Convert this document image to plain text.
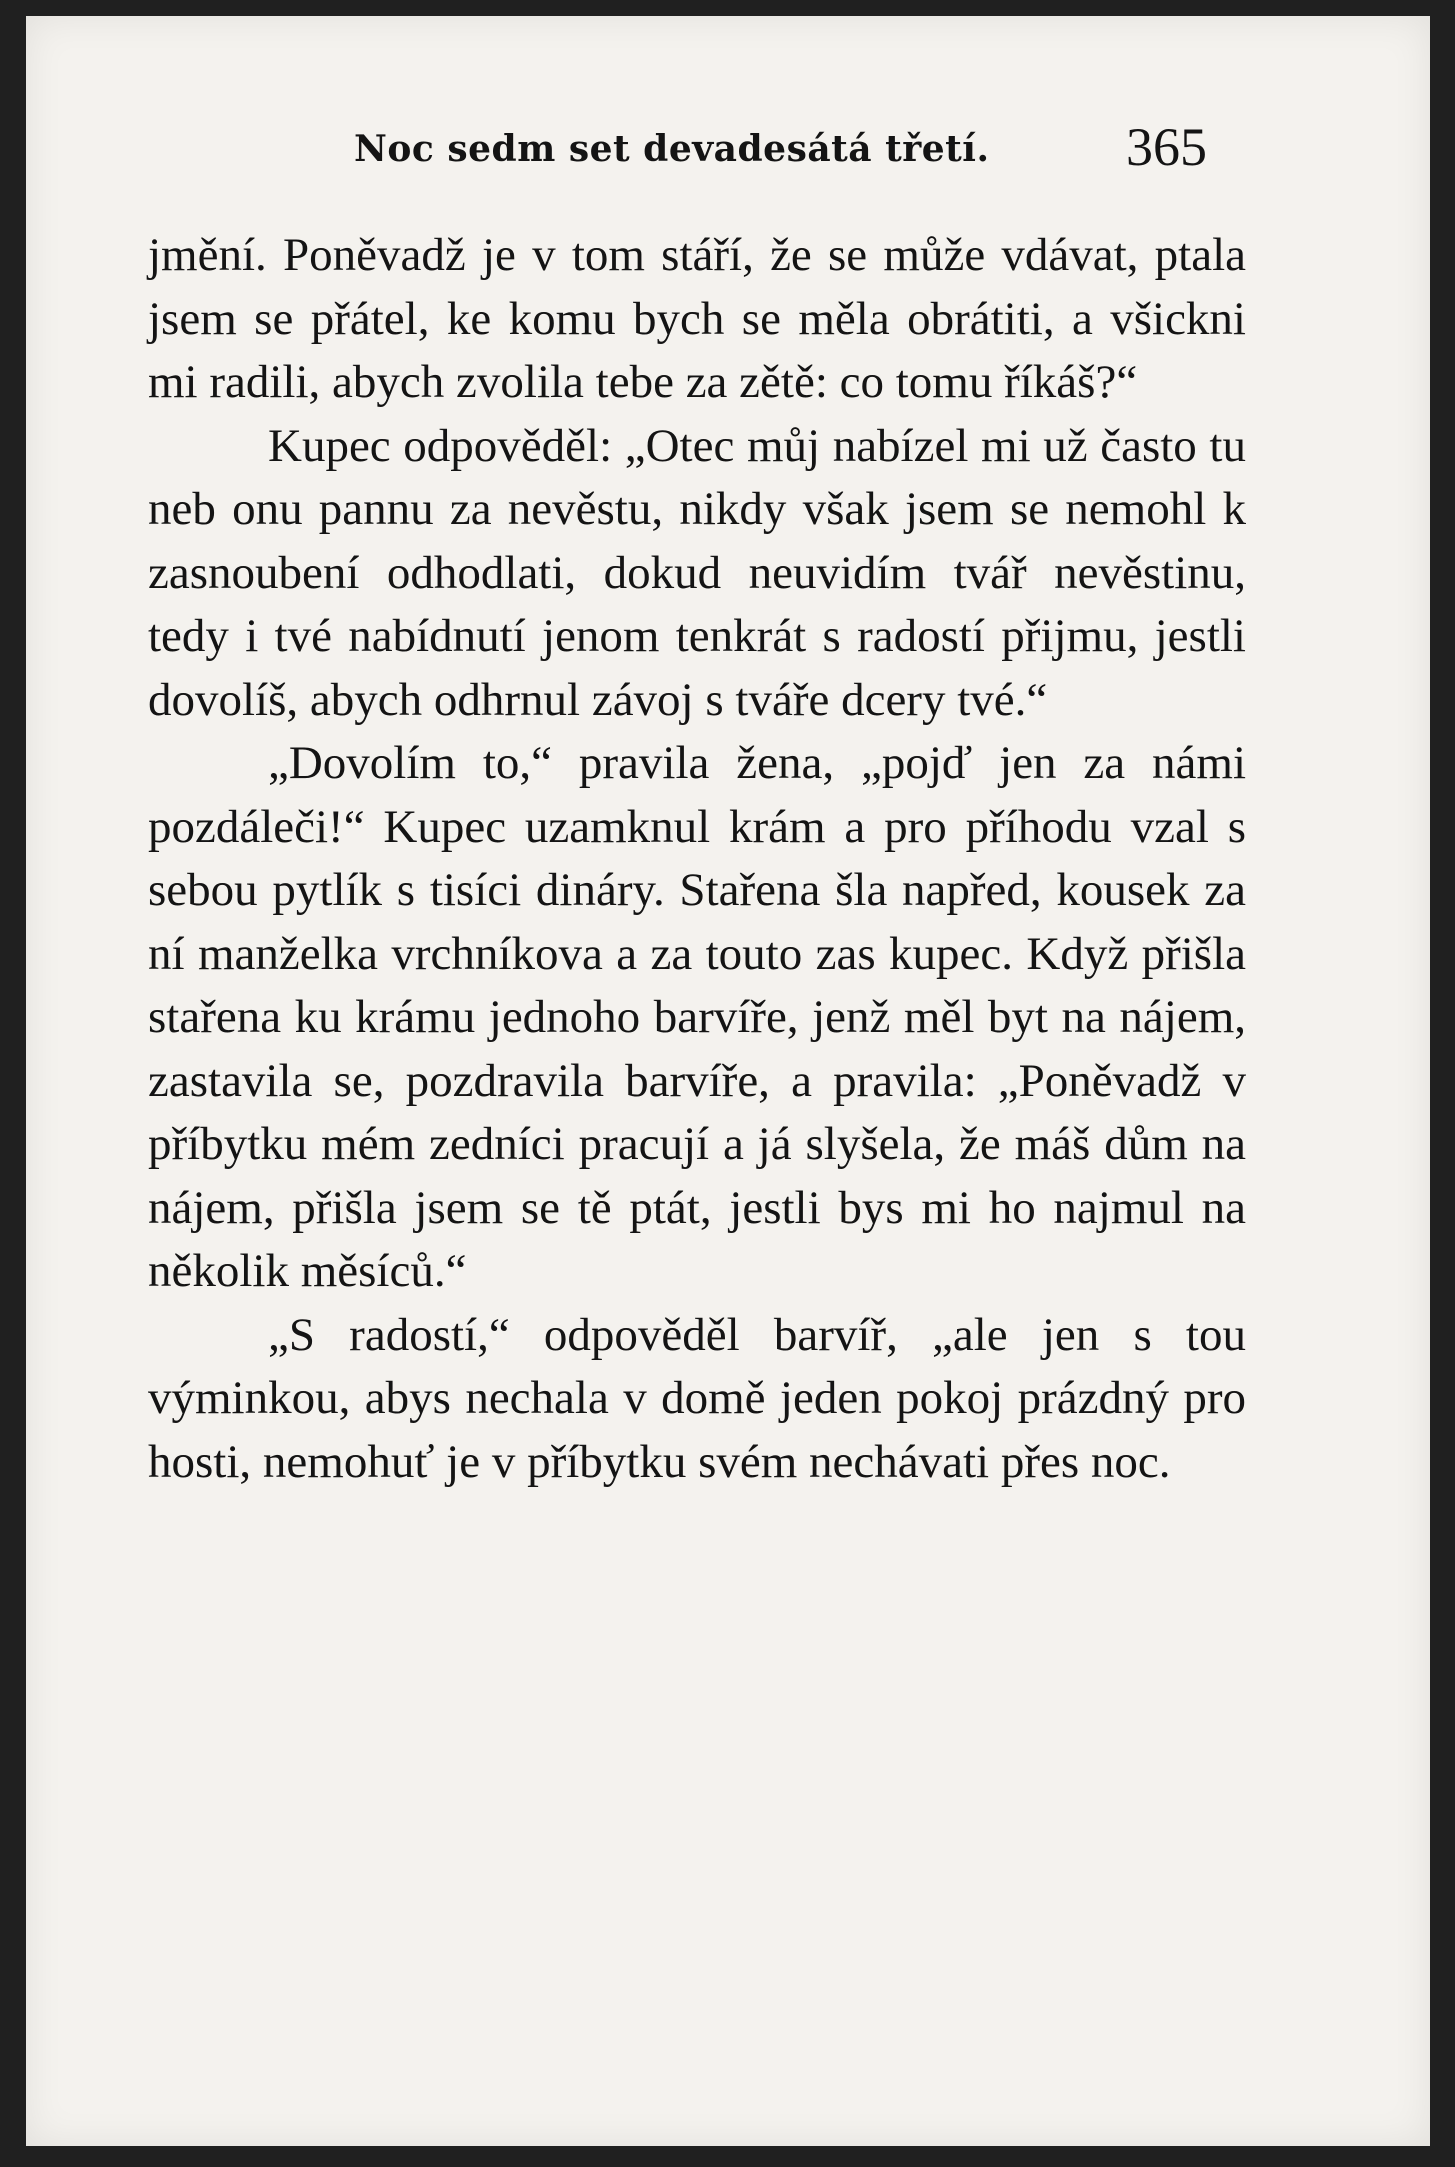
Noc sedm set devadesátá třetí.	365

jmění. Poněvadž je v tom stáří, že se může vdávat, ptala jsem se přátel, ke komu bych se měla obrátiti, a všickni mi radili, abych zvolila tebe za zětě: co tomu říkáš?“

Kupec odpověděl: „Otec můj nabízel mi už často tu neb onu pannu za nevěstu, nikdy však jsem se nemohl k zasnoubení odhodlati, dokud neuvidím tvář nevěstinu, tedy i tvé nabídnutí jenom tenkrát s radostí přijmu, jestli dovolíš, abych odhrnul závoj s tváře dcery tvé.“

„Dovolím to,“ pravila žena, „pojď jen za námi pozdáleči!“ Kupec uzamknul krám a pro příhodu vzal s sebou pytlík s tisíci dináry. Stařena šla napřed, kousek za ní manželka vrchníkova a za touto zas kupec. Když přišla stařena ku krámu jednoho barvíře, jenž měl byt na nájem, zastavila se, pozdravila barvíře, a pravila: „Poněvadž v příbytku mém zedníci pracují a já slyšela, že máš dům na nájem, přišla jsem se tě ptát, jestli bys mi ho najmul na několik měsíců.“

„S radostí,“ odpověděl barvíř, „ale jen s tou výminkou, abys nechala v domě jeden pokoj prázdný pro hosti, nemohuť je v příbytku svém nechávati přes noc.
